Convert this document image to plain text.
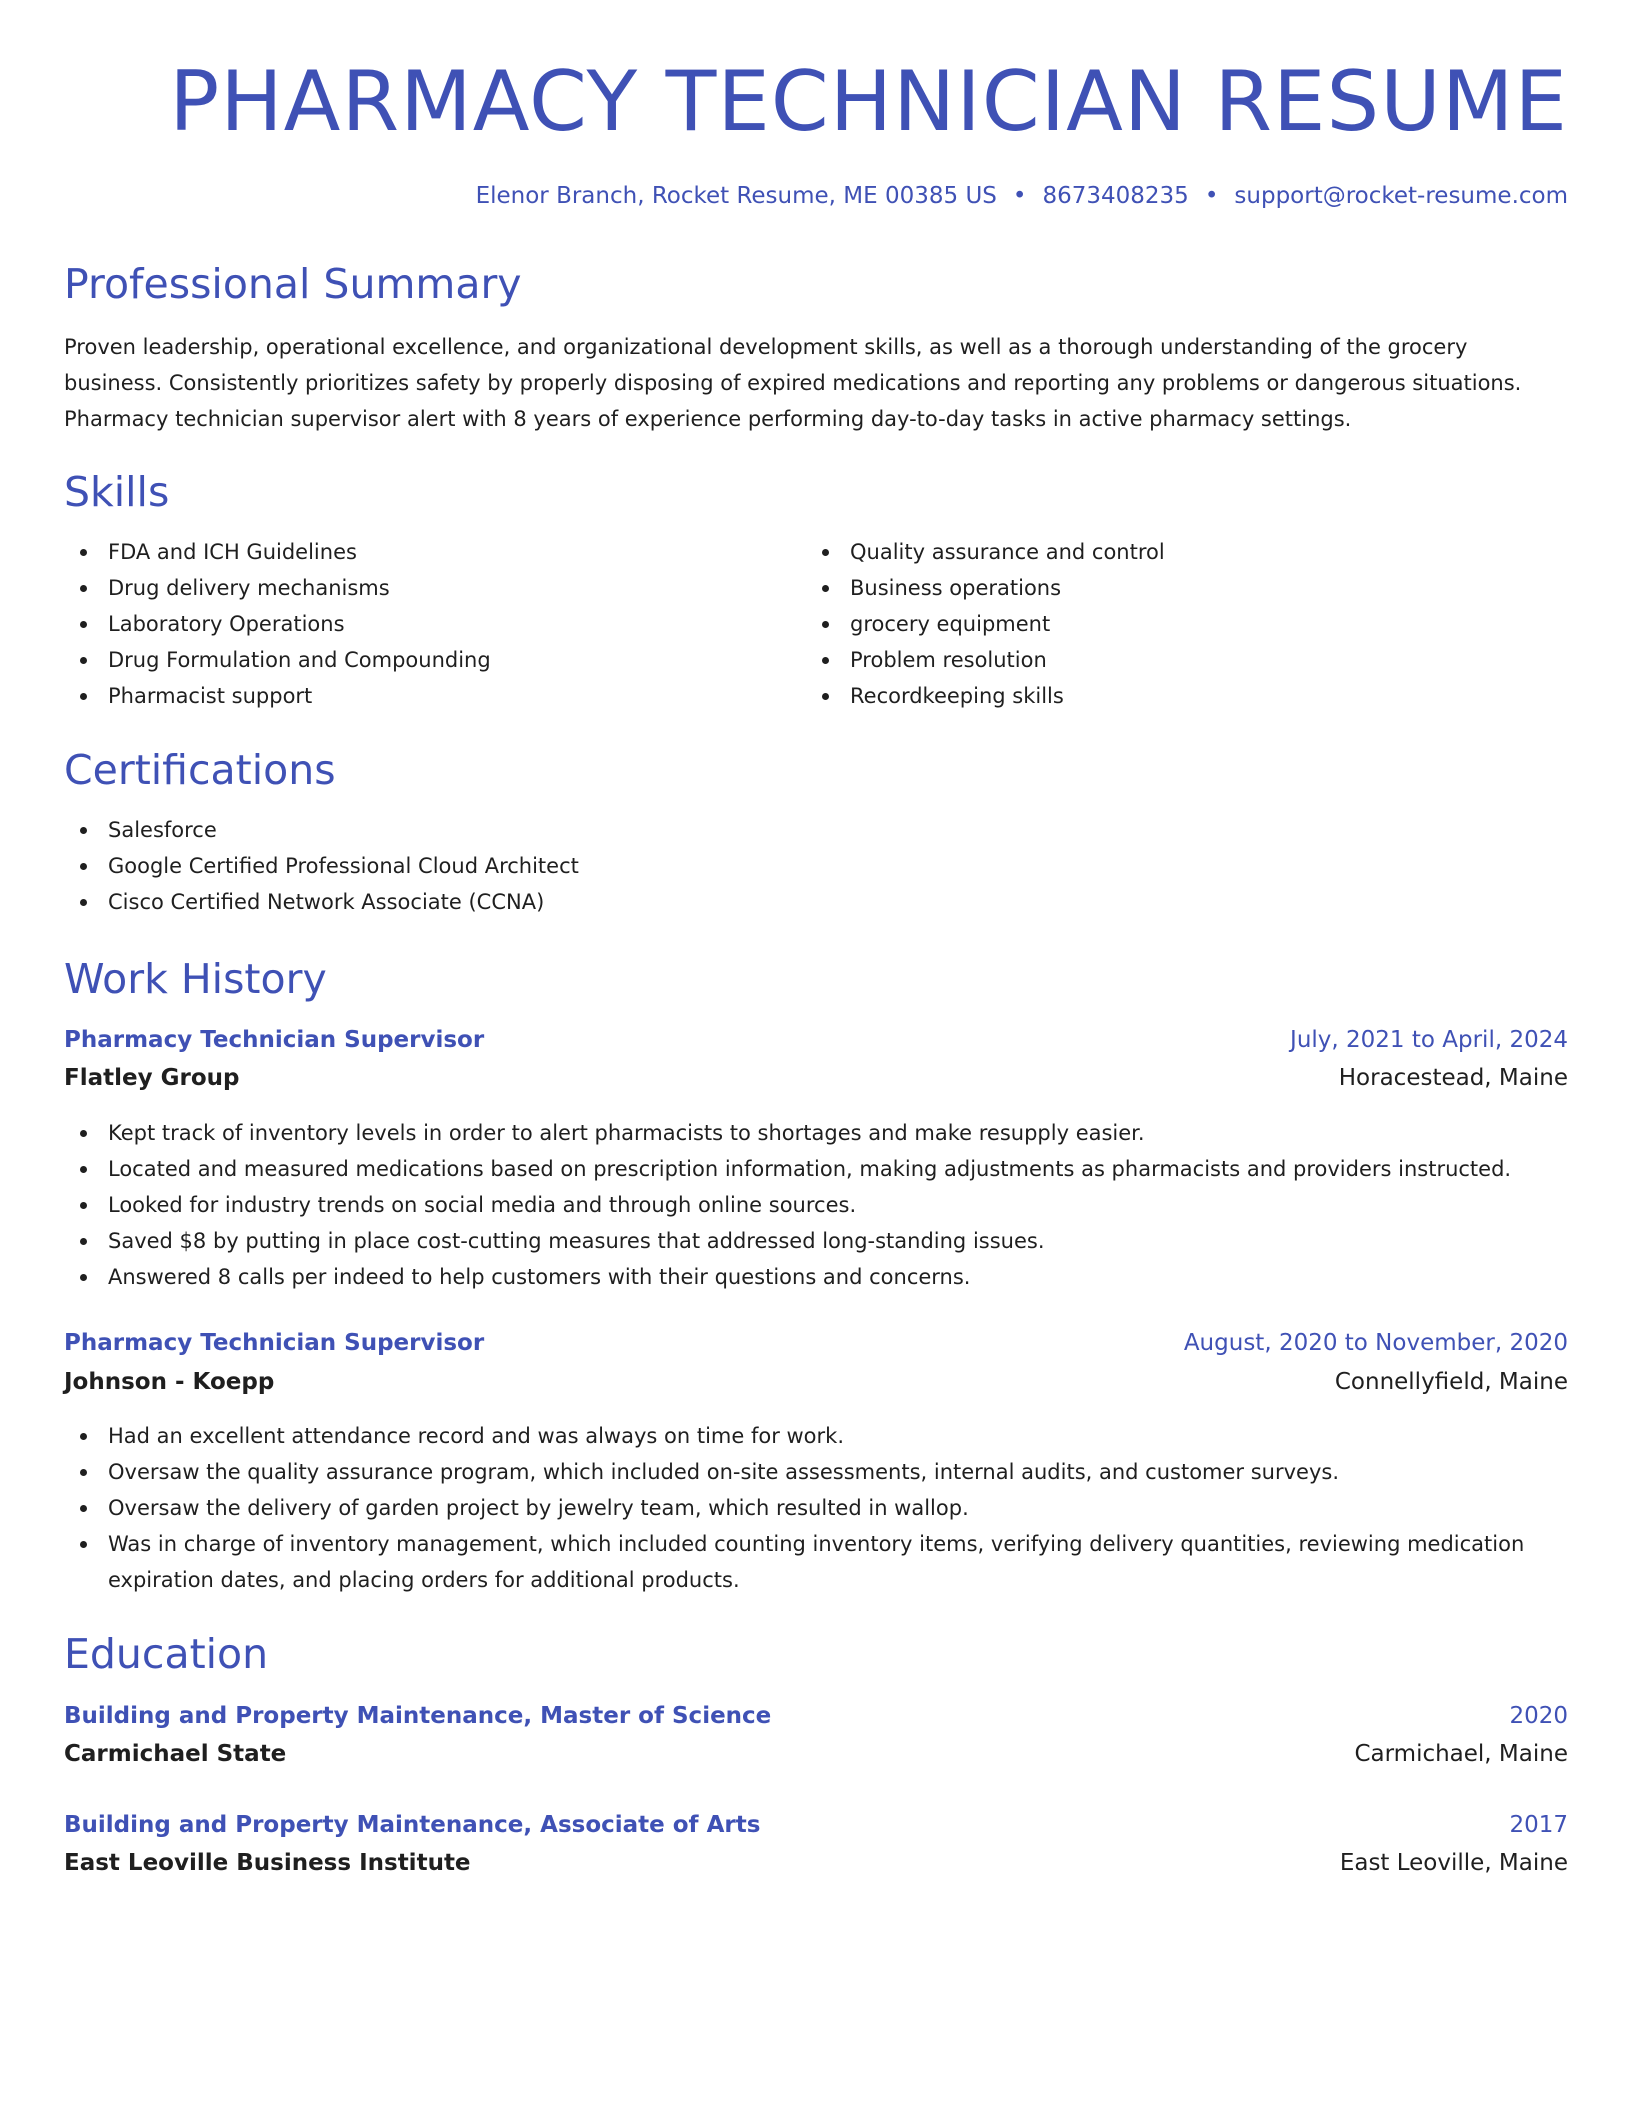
PHARMACY TECHNICIAN RESUME
Elenor Branch, Rocket Resume, ME 00385 US • 8673408235 • support@rocket-resume.com
Professional Summary
Proven leadership, operational excellence, and organizational development skills, as well as a thorough understanding of the grocery business. Consistently prioritizes safety by properly disposing of expired medications and reporting any problems or dangerous situations. Pharmacy technician supervisor alert with 8 years of experience performing day-to-day tasks in active pharmacy settings.
Skills
FDA and ICH Guidelines
Drug delivery mechanisms
Laboratory Operations
Drug Formulation and Compounding
Pharmacist support
Quality assurance and control
Business operations
grocery equipment
Problem resolution
Recordkeeping skills
Certifications
Salesforce
Google Certified Professional Cloud Architect
Cisco Certified Network Associate (CCNA)
Work History
Pharmacy Technician Supervisor	July, 2021 to April, 2024
Flatley Group	Horacestead, Maine
Kept track of inventory levels in order to alert pharmacists to shortages and make resupply easier.
Located and measured medications based on prescription information, making adjustments as pharmacists and providers instructed.
Looked for industry trends on social media and through online sources.
Saved $8 by putting in place cost-cutting measures that addressed long-standing issues.
Answered 8 calls per indeed to help customers with their questions and concerns.
Pharmacy Technician Supervisor	August, 2020 to November, 2020
Johnson - Koepp	Connellyfield, Maine
Had an excellent attendance record and was always on time for work.
Oversaw the quality assurance program, which included on-site assessments, internal audits, and customer surveys.
Oversaw the delivery of garden project by jewelry team, which resulted in wallop.
Was in charge of inventory management, which included counting inventory items, verifying delivery quantities, reviewing medication expiration dates, and placing orders for additional products.
Education
Building and Property Maintenance, Master of Science	2020
Carmichael State	Carmichael, Maine
Building and Property Maintenance, Associate of Arts	2017
East Leoville Business Institute	East Leoville, Maine
